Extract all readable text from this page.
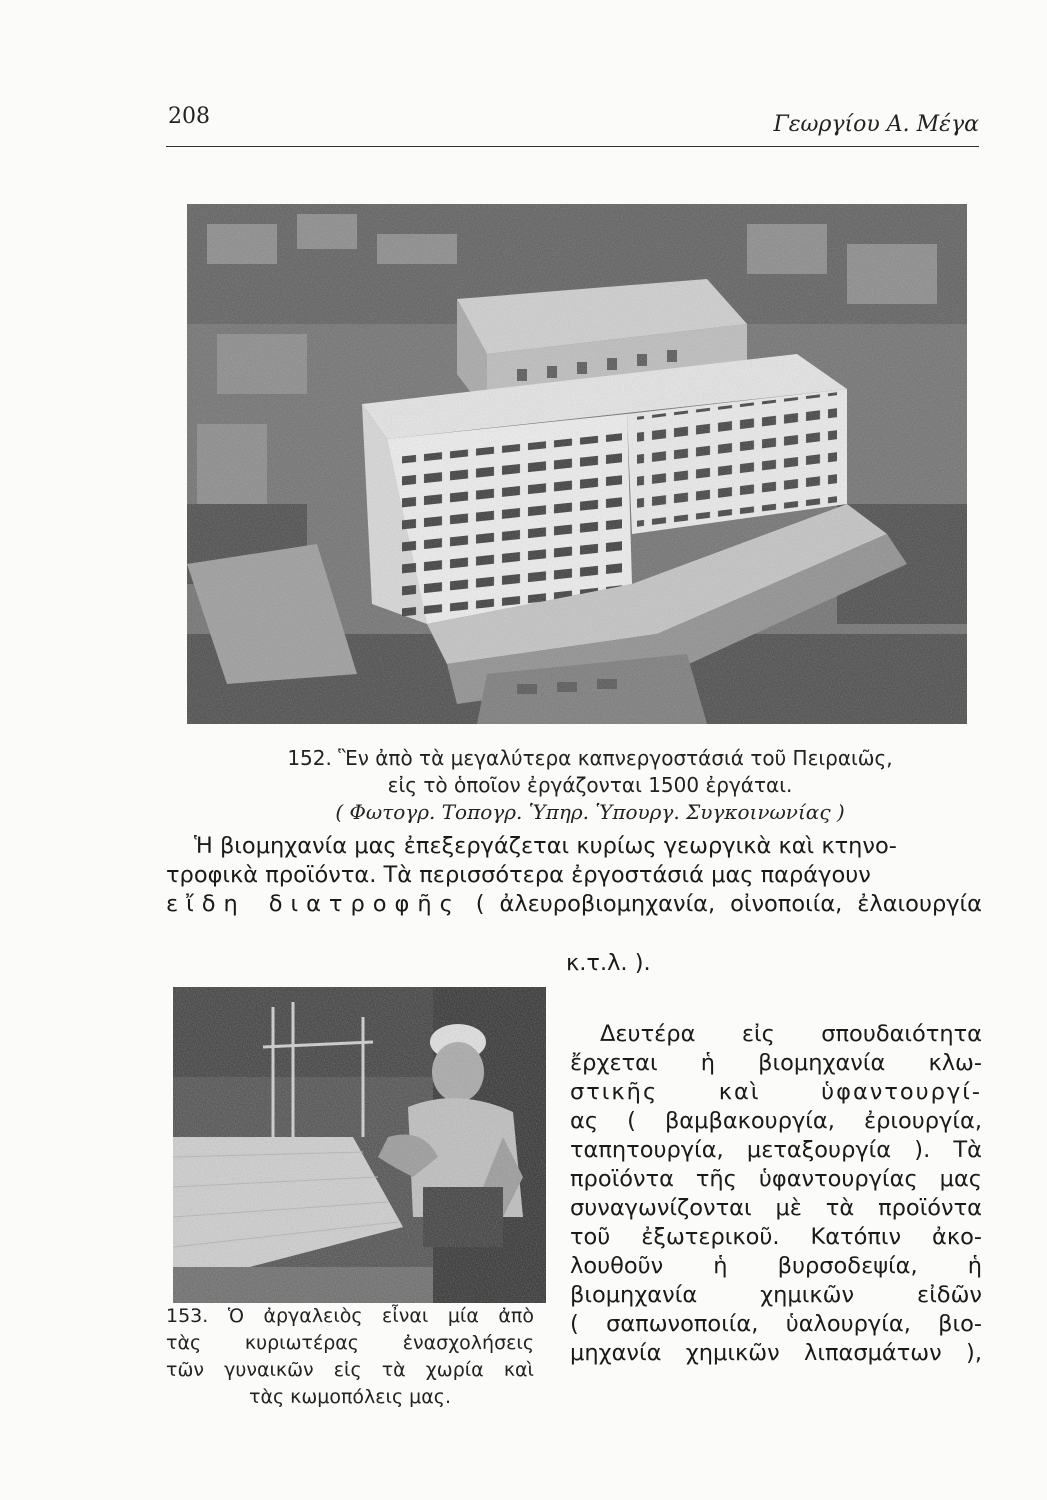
208	Γεωργίου Α. Μέγα
152. Ἓν ἀπὸ τὰ μεγαλύτερα καπνεργοστάσιά τοῦ Πειραιῶς,
εἰς τὸ ὁποῖον ἐργάζονται 1500 ἐργάται.
( Φωτογρ. Τοπογρ. Ὑπηρ. Ὑπουργ. Συγκοινωνίας )
Ἡ βιομηχανία μας ἐπεξεργάζεται κυρίως γεωργικὰ καὶ κτηνο-
τροφικὰ προϊόντα. Τὰ περισσότερα ἐργοστάσιά μας παράγουν
εἴδη διατροφῆς ( ἀλευροβιομηχανία, οἰνοποιία, ἐλαιουργία
κ.τ.λ. ).
153. Ὁ ἀργαλειὸς εἶναι μία ἀπὸ
τὰς κυριωτέρας ἐνασχολήσεις
τῶν γυναικῶν εἰς τὰ χωρία καὶ
τὰς κωμοπόλεις μας.
Δευτέρα εἰς σπουδαιότητα
ἔρχεται ἡ βιομηχανία κλω-
στικῆς καὶ ὑφαντουργί-
ας ( βαμβακουργία, ἐριουργία,
ταπητουργία, μεταξουργία ). Τὰ
προϊόντα τῆς ὑφαντουργίας μας
συναγωνίζονται μὲ τὰ προϊόντα
τοῦ ἐξωτερικοῦ. Κατόπιν ἀκο-
λουθοῦν ἡ βυρσοδεψία, ἡ
βιομηχανία χημικῶν εἰδῶν
( σαπωνοποιία, ὑαλουργία, βιο-
μηχανία χημικῶν λιπασμάτων ),
